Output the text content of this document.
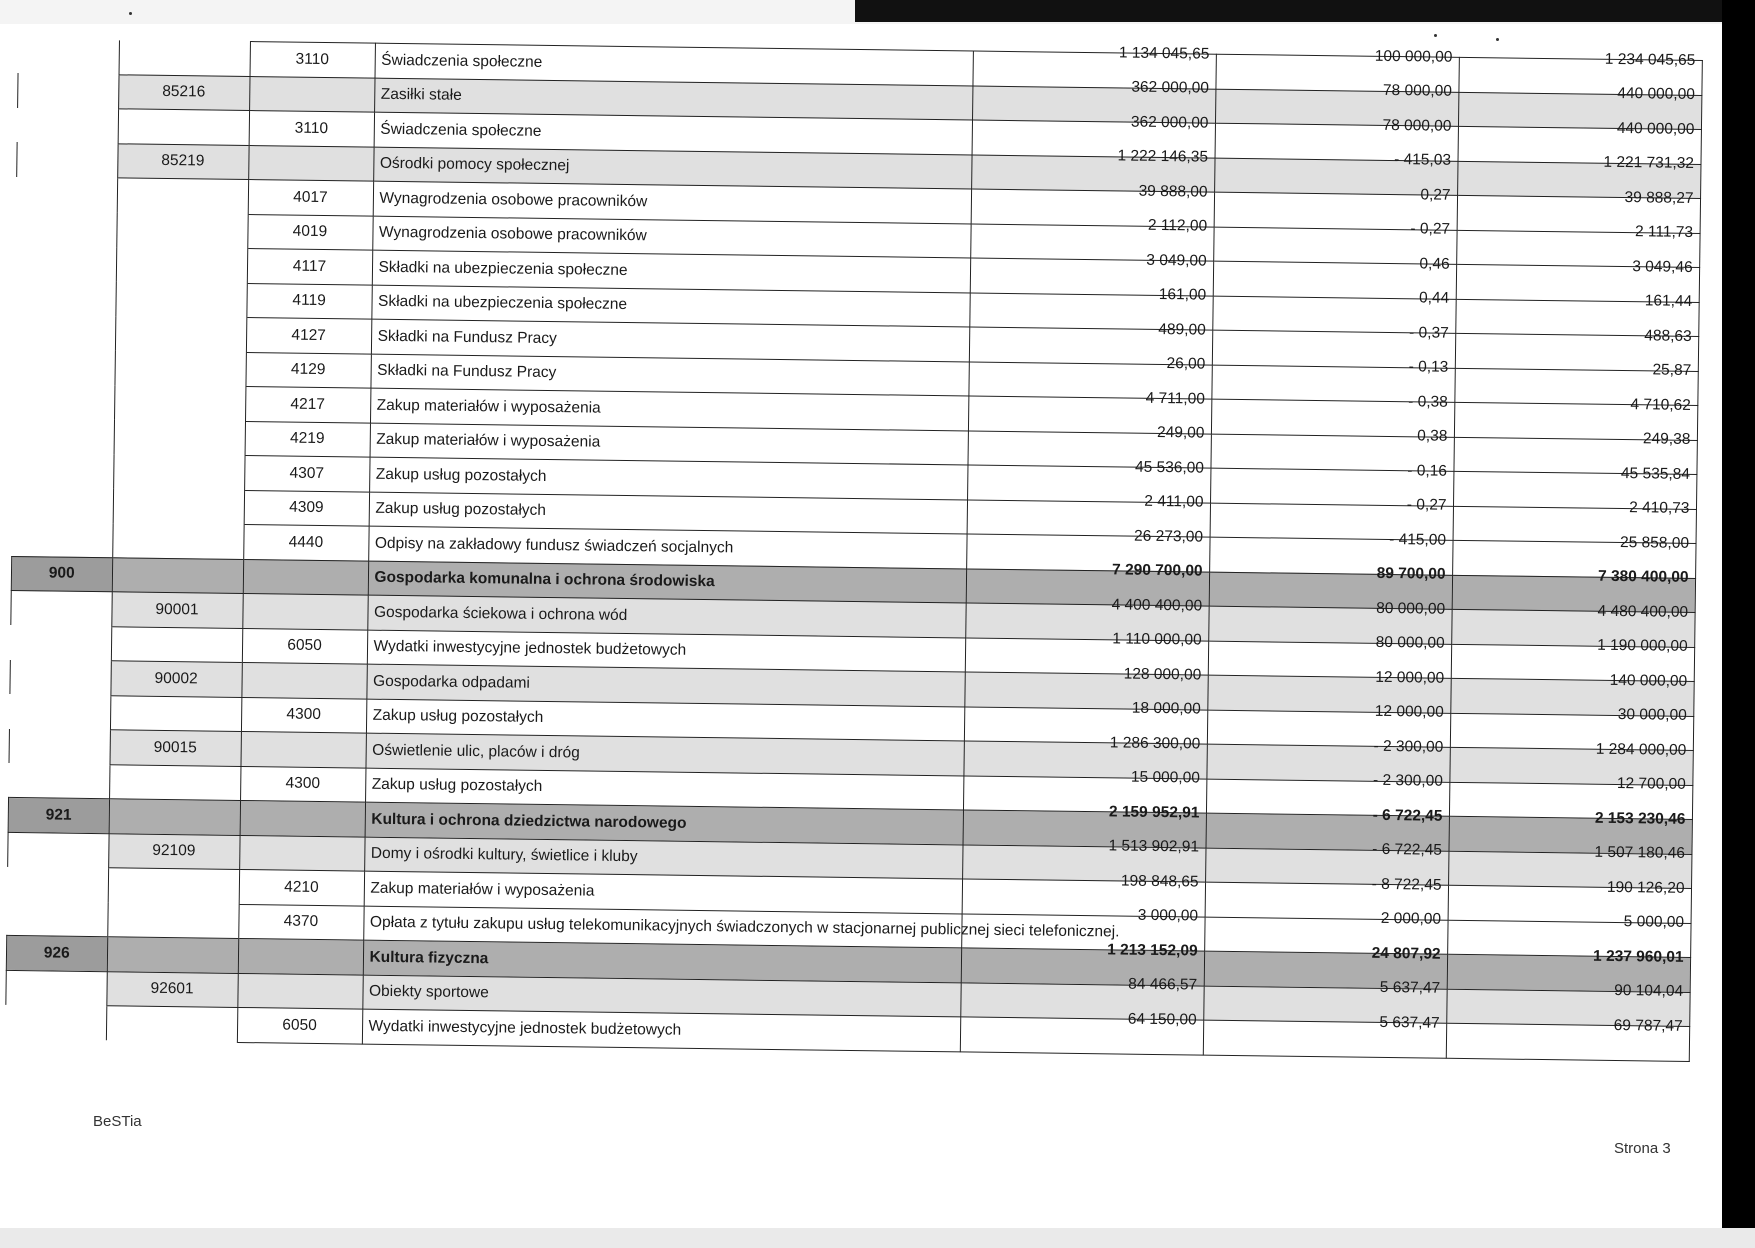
		3110	Świadczenia społeczne	1 134 045,65	100 000,00	1 234 045,65
	85216		Zasiłki stałe	362 000,00	78 000,00	440 000,00
		3110	Świadczenia społeczne	362 000,00	78 000,00	440 000,00
	85219		Ośrodki pomocy społecznej	1 222 146,35	- 415,03	1 221 731,32
		4017	Wynagrodzenia osobowe pracowników	39 888,00	0,27	39 888,27
		4019	Wynagrodzenia osobowe pracowników	2 112,00	- 0,27	2 111,73
		4117	Składki na ubezpieczenia społeczne	3 049,00	0,46	3 049,46
		4119	Składki na ubezpieczenia społeczne	161,00	0,44	161,44
		4127	Składki na Fundusz Pracy	489,00	- 0,37	488,63
		4129	Składki na Fundusz Pracy	26,00	- 0,13	25,87
		4217	Zakup materiałów i wyposażenia	4 711,00	- 0,38	4 710,62
		4219	Zakup materiałów i wyposażenia	249,00	0,38	249,38
		4307	Zakup usług pozostałych	45 536,00	- 0,16	45 535,84
		4309	Zakup usług pozostałych	2 411,00	- 0,27	2 410,73
		4440	Odpisy na zakładowy fundusz świadczeń socjalnych	26 273,00	- 415,00	25 858,00
900			Gospodarka komunalna i ochrona środowiska	7 290 700,00	89 700,00	7 380 400,00
	90001		Gospodarka ściekowa i ochrona wód	4 400 400,00	80 000,00	4 480 400,00
		6050	Wydatki inwestycyjne jednostek budżetowych	1 110 000,00	80 000,00	1 190 000,00
	90002		Gospodarka odpadami	128 000,00	12 000,00	140 000,00
		4300	Zakup usług pozostałych	18 000,00	12 000,00	30 000,00
	90015		Oświetlenie ulic, placów i dróg	1 286 300,00	- 2 300,00	1 284 000,00
		4300	Zakup usług pozostałych	15 000,00	- 2 300,00	12 700,00
921			Kultura i ochrona dziedzictwa narodowego	2 159 952,91	- 6 722,45	2 153 230,46
	92109		Domy i ośrodki kultury, świetlice i kluby	1 513 902,91	- 6 722,45	1 507 180,46
		4210	Zakup materiałów i wyposażenia	198 848,65	- 8 722,45	190 126,20
		4370	Opłata z tytułu zakupu usług telekomunikacyjnych świadczonych w stacjonarnej publicznej sieci telefonicznej.	3 000,00	2 000,00	5 000,00
926			Kultura fizyczna	1 213 152,09	24 807,92	1 237 960,01
	92601		Obiekty sportowe	84 466,57	5 637,47	90 104,04
		6050	Wydatki inwestycyjne jednostek budżetowych	64 150,00	5 637,47	69 787,47
BeSTia
Strona 3
